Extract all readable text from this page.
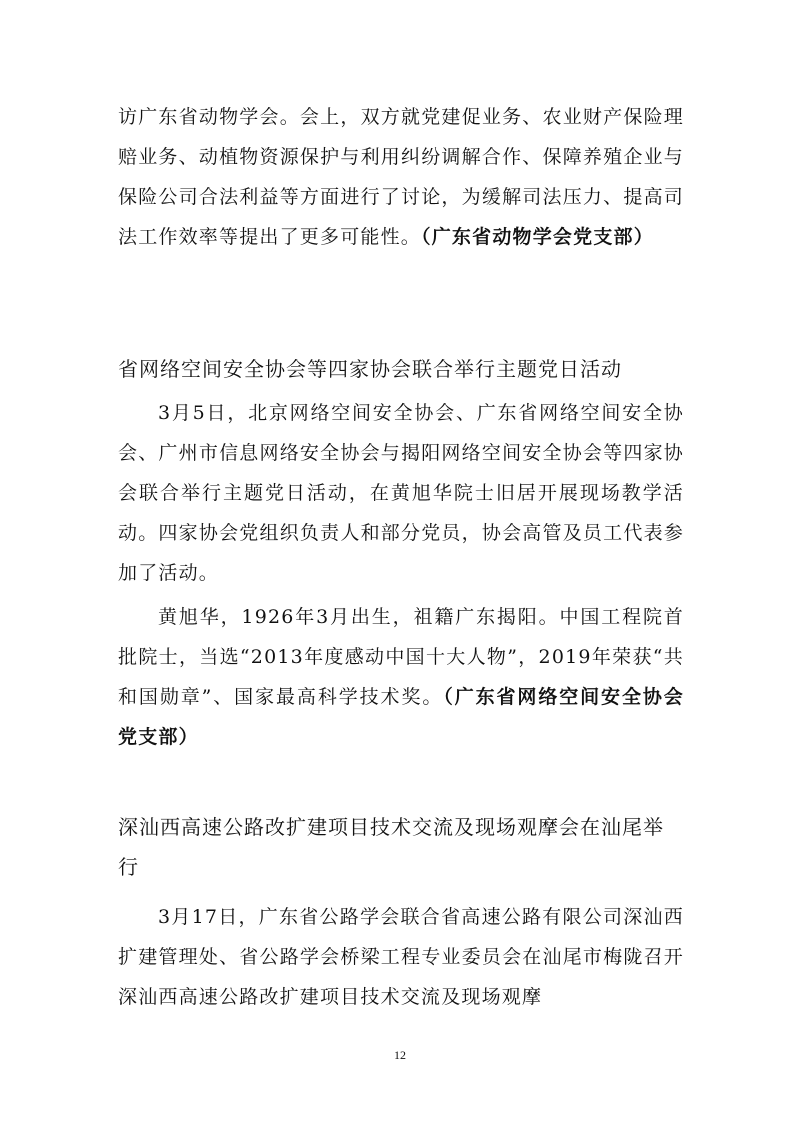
访广东省动物学会。会上，双方就党建促业务、农业财产保险理赔业务、动植物资源保护与利用纠纷调解合作、保障养殖企业与保险公司合法利益等方面进行了讨论，为缓解司法压力、提高司法工作效率等提出了更多可能性。（广东省动物学会党支部）

省网络空间安全协会等四家协会联合举行主题党日活动

3月5日，北京网络空间安全协会、广东省网络空间安全协会、广州市信息网络安全协会与揭阳网络空间安全协会等四家协会联合举行主题党日活动，在黄旭华院士旧居开展现场教学活动。四家协会党组织负责人和部分党员，协会高管及员工代表参加了活动。

黄旭华，1926年3月出生，祖籍广东揭阳。中国工程院首批院士，当选“2013年度感动中国十大人物”，2019年荣获“共和国勋章”、国家最高科学技术奖。（广东省网络空间安全协会党支部）

深汕西高速公路改扩建项目技术交流及现场观摩会在汕尾举行

3月17日，广东省公路学会联合省高速公路有限公司深汕西扩建管理处、省公路学会桥梁工程专业委员会在汕尾市梅陇召开深汕西高速公路改扩建项目技术交流及现场观摩

12
